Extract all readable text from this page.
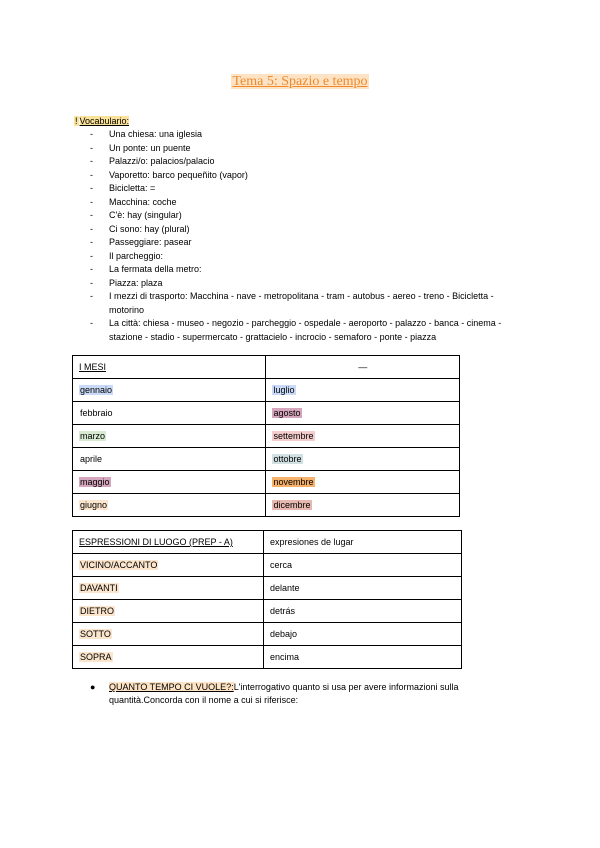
Tema 5: Spazio e tempo
! Vocabulario:
- Una chiesa: una iglesia
- Un ponte: un puente
- Palazzi/o: palacios/palacio
- Vaporetto: barco pequeñito (vapor)
- Bicicletta: =
- Macchina: coche
- C'è: hay (singular)
- Ci sono: hay (plural)
- Passeggiare: pasear
- Il parcheggio:
- La fermata della metro:
- Piazza: plaza
- I mezzi di trasporto: Macchina - nave - metropolitana - tram - autobus - aereo - treno - Bicicletta - motorino
- La città: chiesa - museo - negozio - parcheggio - ospedale - aeroporto - palazzo - banca - cinema - stazione - stadio - supermercato - grattacielo - incrocio - semaforo - ponte - piazza
I MESI	—
gennaio	luglio
febbraio	agosto
marzo	settembre
aprile	ottobre
maggio	novembre
giugno	dicembre
ESPRESSIONI DI LUOGO (PREP - A)	expresiones de lugar
VICINO/ACCANTO	cerca
DAVANTI	delante
DIETRO	detrás
SOTTO	debajo
SOPRA	encima
● QUANTO TEMPO CI VUOLE?:L'interrogativo quanto si usa per avere informazioni sulla quantità.Concorda con il nome a cui si riferisce:
